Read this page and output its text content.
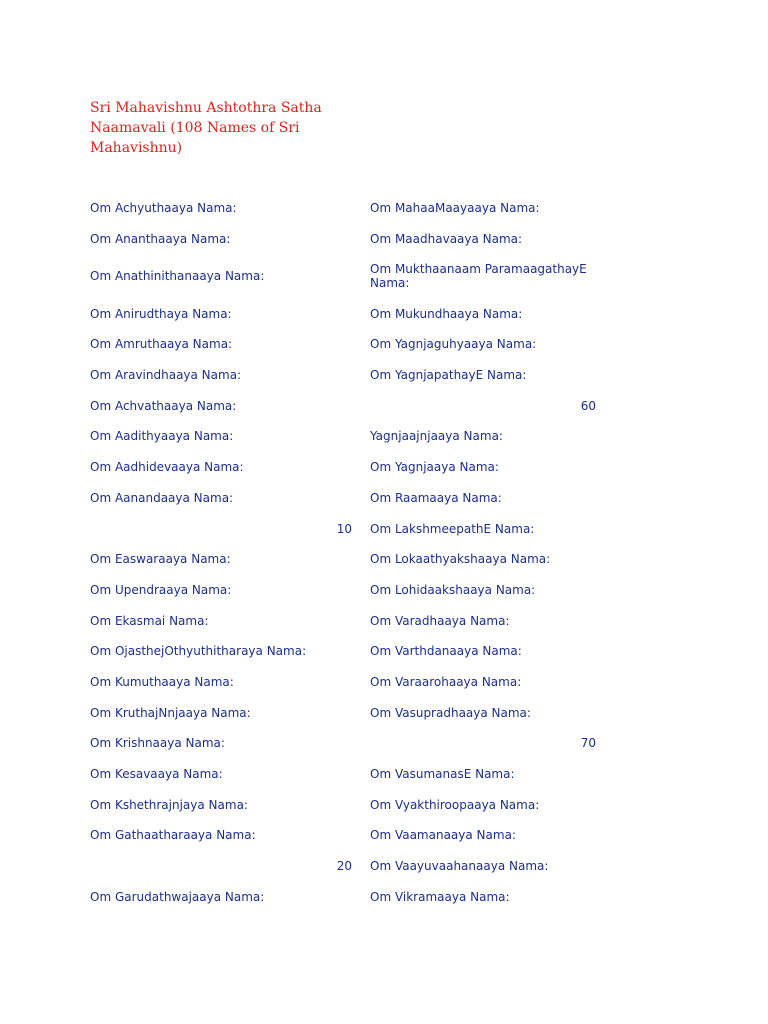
Sri Mahavishnu Ashtothra Satha Naamavali (108 Names of Sri Mahavishnu)
Om Achyuthaaya Nama:
Om Ananthaaya Nama:
Om Anathinithanaaya Nama:
Om Anirudthaya Nama:
Om Amruthaaya Nama:
Om Aravindhaaya Nama:
Om Achvathaaya Nama:
Om Aadithyaaya Nama:
Om Aadhidevaaya Nama:
Om Aanandaaya Nama:
10
Om Easwaraaya Nama:
Om Upendraaya Nama:
Om Ekasmai Nama:
Om OjasthejOthyuthitharaya Nama:
Om Kumuthaaya Nama:
Om KruthajNnjaaya Nama:
Om Krishnaaya Nama:
Om Kesavaaya Nama:
Om Kshethrajnjaya Nama:
Om Gathaatharaaya Nama:
20
Om Garudathwajaaya Nama:
Om MahaaMaayaaya Nama:
Om Maadhavaaya Nama:
Om Mukthaanaam ParamaagathayE Nama:
Om Mukundhaaya Nama:
Om Yagnjaguhyaaya Nama:
Om YagnjapathayE Nama:
60
Yagnjaajnjaaya Nama:
Om Yagnjaaya Nama:
Om Raamaaya Nama:
Om LakshmeepathE Nama:
Om Lokaathyakshaaya Nama:
Om Lohidaakshaaya Nama:
Om Varadhaaya Nama:
Om Varthdanaaya Nama:
Om Varaarohaaya Nama:
Om Vasupradhaaya Nama:
70
Om VasumanasE Nama:
Om Vyakthiroopaaya Nama:
Om Vaamanaaya Nama:
Om Vaayuvaahanaaya Nama:
Om Vikramaaya Nama:
